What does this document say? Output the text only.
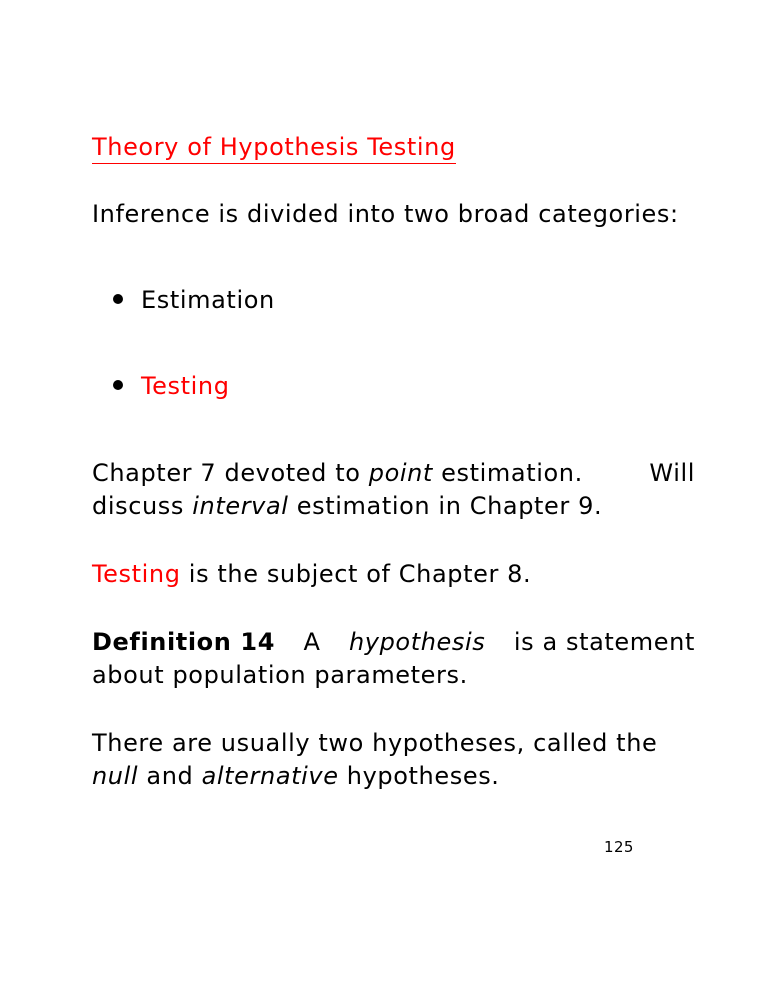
Theory of Hypothesis Testing
Inference is divided into two broad categories:
Estimation
Testing
Chapter 7 devoted to point estimation.	Will
discuss interval estimation in Chapter 9.
Testing is the subject of Chapter 8.
Definition 14 A hypothesis is a statement
about population parameters.
There are usually two hypotheses, called the
null and alternative hypotheses.
125
